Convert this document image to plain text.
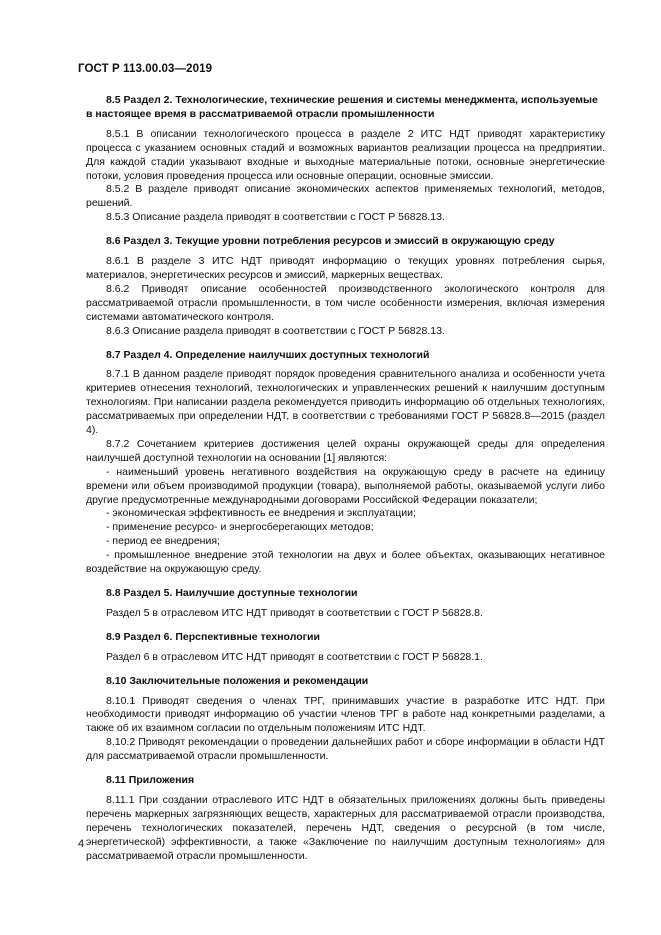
ГОСТ Р 113.00.03—2019
8.5 Раздел 2. Технологические, технические решения и системы менеджмента, используемые в настоящее время в рассматриваемой отрасли промышленности

8.5.1 В описании технологического процесса в разделе 2 ИТС НДТ приводят характеристику процесса с указанием основных стадий и возможных вариантов реализации процесса на предприятии. Для каждой стадии указывают входные и выходные материальные потоки, основные энергетические потоки, условия проведения процесса или основные операции, основные эмиссии.

8.5.2 В разделе приводят описание экономических аспектов применяемых технологий, методов, решений.

8.5.3 Описание раздела приводят в соответствии с ГОСТ Р 56828.13.

8.6 Раздел 3. Текущие уровни потребления ресурсов и эмиссий в окружающую среду

8.6.1 В разделе 3 ИТС НДТ приводят информацию о текущих уровнях потребления сырья, материалов, энергетических ресурсов и эмиссий, маркерных веществах.

8.6.2 Приводят описание особенностей производственного экологического контроля для рассматриваемой отрасли промышленности, в том числе особенности измерения, включая измерения системами автоматического контроля.

8.6.3 Описание раздела приводят в соответствии с ГОСТ Р 56828.13.

8.7 Раздел 4. Определение наилучших доступных технологий

8.7.1 В данном разделе приводят порядок проведения сравнительного анализа и особенности учета критериев отнесения технологий, технологических и управленческих решений к наилучшим доступным технологиям. При написании раздела рекомендуется приводить информацию об отдельных технологиях, рассматриваемых при определении НДТ, в соответствии с требованиями ГОСТ Р 56828.8—2015 (раздел 4).

8.7.2 Сочетанием критериев достижения целей охраны окружающей среды для определения наилучшей доступной технологии на основании [1] являются:

- наименьший уровень негативного воздействия на окружающую среду в расчете на единицу времени или объем производимой продукции (товара), выполняемой работы, оказываемой услуги либо другие предусмотренные международными договорами Российской Федерации показатели;

- экономическая эффективность ее внедрения и эксплуатации;

- применение ресурсо- и энергосберегающих методов;

- период ее внедрения;

- промышленное внедрение этой технологии на двух и более объектах, оказывающих негативное воздействие на окружающую среду.

8.8 Раздел 5. Наилучшие доступные технологии

Раздел 5 в отраслевом ИТС НДТ приводят в соответствии с ГОСТ Р 56828.8.

8.9 Раздел 6. Перспективные технологии

Раздел 6 в отраслевом ИТС НДТ приводят в соответствии с ГОСТ Р 56828.1.

8.10 Заключительные положения и рекомендации

8.10.1 Приводят сведения о членах ТРГ, принимавших участие в разработке ИТС НДТ. При необходимости приводят информацию об участии членов ТРГ в работе над конкретными разделами, а также об их взаимном согласии по отдельным положениям ИТС НДТ.

8.10.2 Приводят рекомендации о проведении дальнейших работ и сборе информации в области НДТ для рассматриваемой отрасли промышленности.

8.11 Приложения

8.11.1 При создании отраслевого ИТС НДТ в обязательных приложениях должны быть приведены перечень маркерных загрязняющих веществ, характерных для рассматриваемой отрасли производства, перечень технологических показателей, перечень НДТ, сведения о ресурсной (в том числе, энергетической) эффективности, а также «Заключение по наилучшим доступным технологиям» для рассматриваемой отрасли промышленности.

4
